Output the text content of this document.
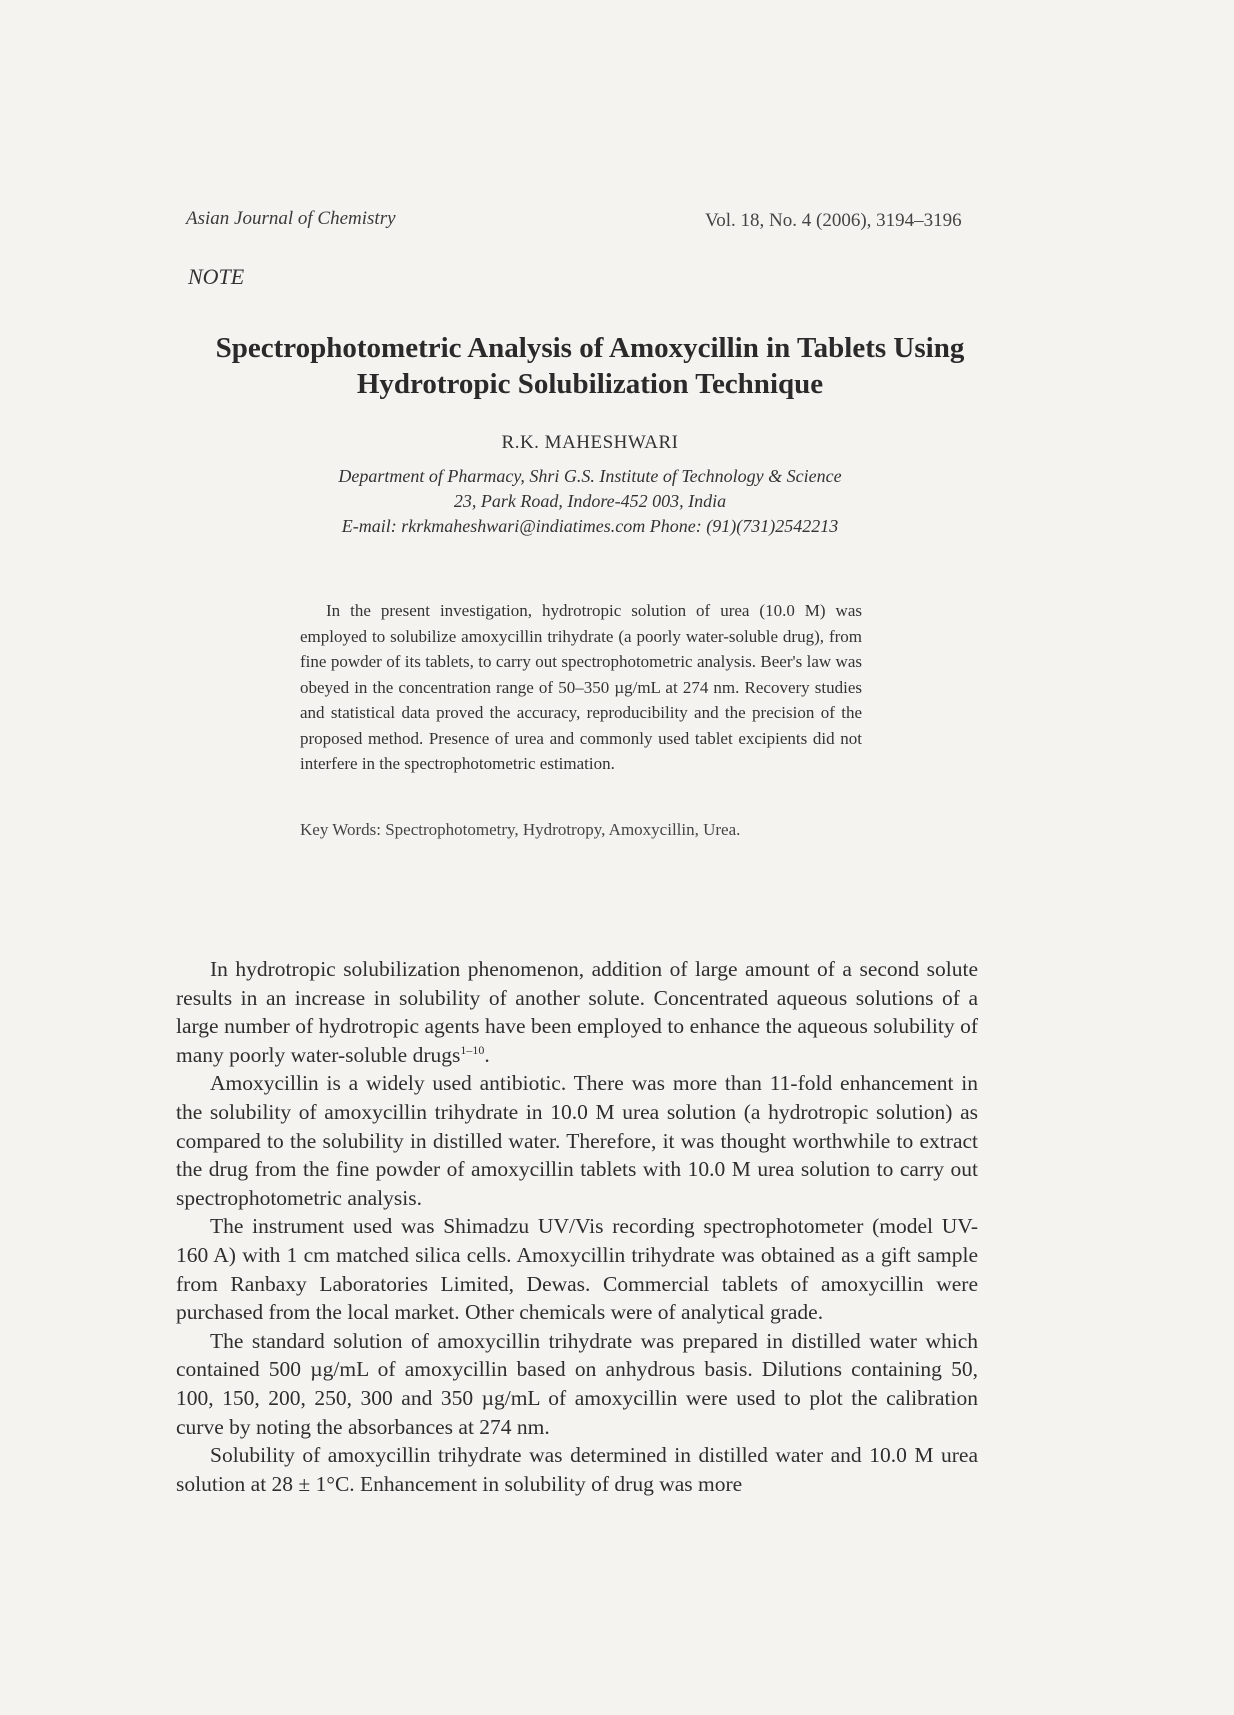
Asian Journal of Chemistry	Vol. 18, No. 4 (2006), 3194–3196
NOTE
Spectrophotometric Analysis of Amoxycillin in Tablets Using
Hydrotropic Solubilization Technique
R.K. MAHESHWARI
Department of Pharmacy, Shri G.S. Institute of Technology & Science
23, Park Road, Indore-452 003, India
E-mail: rkrkmaheshwari@indiatimes.com Phone: (91)(731)2542213
In the present investigation, hydrotropic solution of urea (10.0 M) was employed to solubilize amoxycillin trihydrate (a poorly water-soluble drug), from fine powder of its tablets, to carry out spectrophotometric analysis. Beer's law was obeyed in the concentration range of 50–350 µg/mL at 274 nm. Recovery studies and statistical data proved the accuracy, reproducibility and the precision of the proposed method. Presence of urea and commonly used tablet excipients did not interfere in the spectrophotometric estimation.
Key Words: Spectrophotometry, Hydrotropy, Amoxycillin, Urea.

In hydrotropic solubilization phenomenon, addition of large amount of a second solute results in an increase in solubility of another solute. Concentrated aqueous solutions of a large number of hydrotropic agents have been employed to enhance the aqueous solubility of many poorly water-soluble drugs$^{1-10}$.

Amoxycillin is a widely used antibiotic. There was more than 11-fold enhancement in the solubility of amoxycillin trihydrate in 10.0 M urea solution (a hydrotropic solution) as compared to the solubility in distilled water. Therefore, it was thought worthwhile to extract the drug from the fine powder of amoxycillin tablets with 10.0 M urea solution to carry out spectrophotometric analysis.

The instrument used was Shimadzu UV/Vis recording spectrophotometer (model UV-160 A) with 1 cm matched silica cells. Amoxycillin trihydrate was obtained as a gift sample from Ranbaxy Laboratories Limited, Dewas. Commercial tablets of amoxycillin were purchased from the local market. Other chemicals were of analytical grade.

The standard solution of amoxycillin trihydrate was prepared in distilled water which contained 500 µg/mL of amoxycillin based on anhydrous basis. Dilutions containing 50, 100, 150, 200, 250, 300 and 350 µg/mL of amoxycillin were used to plot the calibration curve by noting the absorbances at 274 nm.

Solubility of amoxycillin trihydrate was determined in distilled water and 10.0 M urea solution at 28 ± 1°C. Enhancement in solubility of drug was more
